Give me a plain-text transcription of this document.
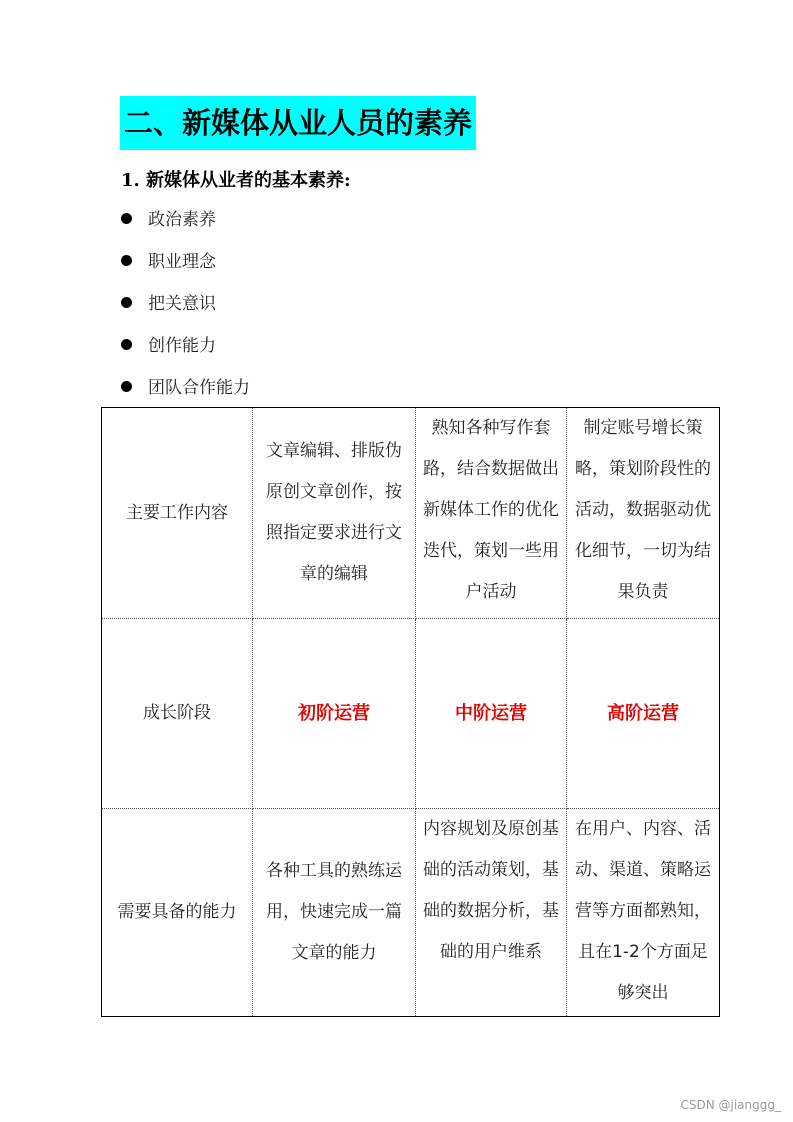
二、新媒体从业人员的素养
1. 新媒体从业者的基本素养:
政治素养
职业理念
把关意识
创作能力
团队合作能力
主要工作内容	文章编辑、排版伪原创文章创作，按照指定要求进行文章的编辑	熟知各种写作套路，结合数据做出新媒体工作的优化迭代，策划一些用户活动	制定账号增长策略，策划阶段性的活动，数据驱动优化细节，一切为结果负责
成长阶段	初阶运营	中阶运营	高阶运营
需要具备的能力	各种工具的熟练运用，快速完成一篇文章的能力	内容规划及原创基础的活动策划，基础的数据分析，基础的用户维系	在用户、内容、活动、渠道、策略运营等方面都熟知，且在1-2个方面足够突出
CSDN @jianggg_
